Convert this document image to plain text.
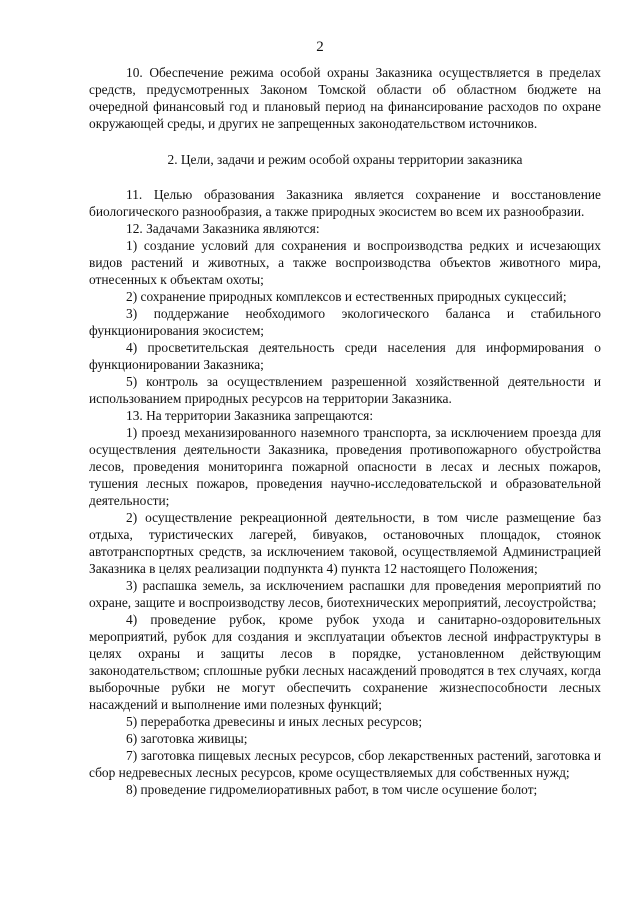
2

10. Обеспечение режима особой охраны Заказника осуществляется в пределах средств, предусмотренных Законом Томской области об областном бюджете на очередной финансовый год и плановый период на финансирование расходов по охране окружающей среды, и других не запрещенных законодательством источников.

2. Цели, задачи и режим особой охраны территории заказника

11. Целью образования Заказника является сохранение и восстановление биологического разнообразия, а также природных экосистем во всем их разнообразии.

12. Задачами Заказника являются:

1) создание условий для сохранения и воспроизводства редких и исчезающих видов растений и животных, а также воспроизводства объектов животного мира, отнесенных к объектам охоты;

2) сохранение природных комплексов и естественных природных сукцессий;

3) поддержание необходимого экологического баланса и стабильного функционирования экосистем;

4) просветительская деятельность среди населения для информирования о функционировании Заказника;

5) контроль за осуществлением разрешенной хозяйственной деятельности и использованием природных ресурсов на территории Заказника.

13. На территории Заказника запрещаются:

1) проезд механизированного наземного транспорта, за исключением проезда для осуществления деятельности Заказника, проведения противопожарного обустройства лесов, проведения мониторинга пожарной опасности в лесах и лесных пожаров, тушения лесных пожаров, проведения научно-исследовательской и образовательной деятельности;

2) осуществление рекреационной деятельности, в том числе размещение баз отдыха, туристических лагерей, бивуаков, остановочных площадок, стоянок автотранспортных средств, за исключением таковой, осуществляемой Администрацией Заказника в целях реализации подпункта 4) пункта 12 настоящего Положения;

3) распашка земель, за исключением распашки для проведения мероприятий по охране, защите и воспроизводству лесов, биотехнических мероприятий, лесоустройства;

4) проведение рубок, кроме рубок ухода и санитарно-оздоровительных мероприятий, рубок для создания и эксплуатации объектов лесной инфраструктуры в целях охраны и защиты лесов в порядке, установленном действующим законодательством; сплошные рубки лесных насаждений проводятся в тех случаях, когда выборочные рубки не могут обеспечить сохранение жизнеспособности лесных насаждений и выполнение ими полезных функций;

5) переработка древесины и иных лесных ресурсов;

6) заготовка живицы;

7) заготовка пищевых лесных ресурсов, сбор лекарственных растений, заготовка и сбор недревесных лесных ресурсов, кроме осуществляемых для собственных нужд;

8) проведение гидромелиоративных работ, в том числе осушение болот;
